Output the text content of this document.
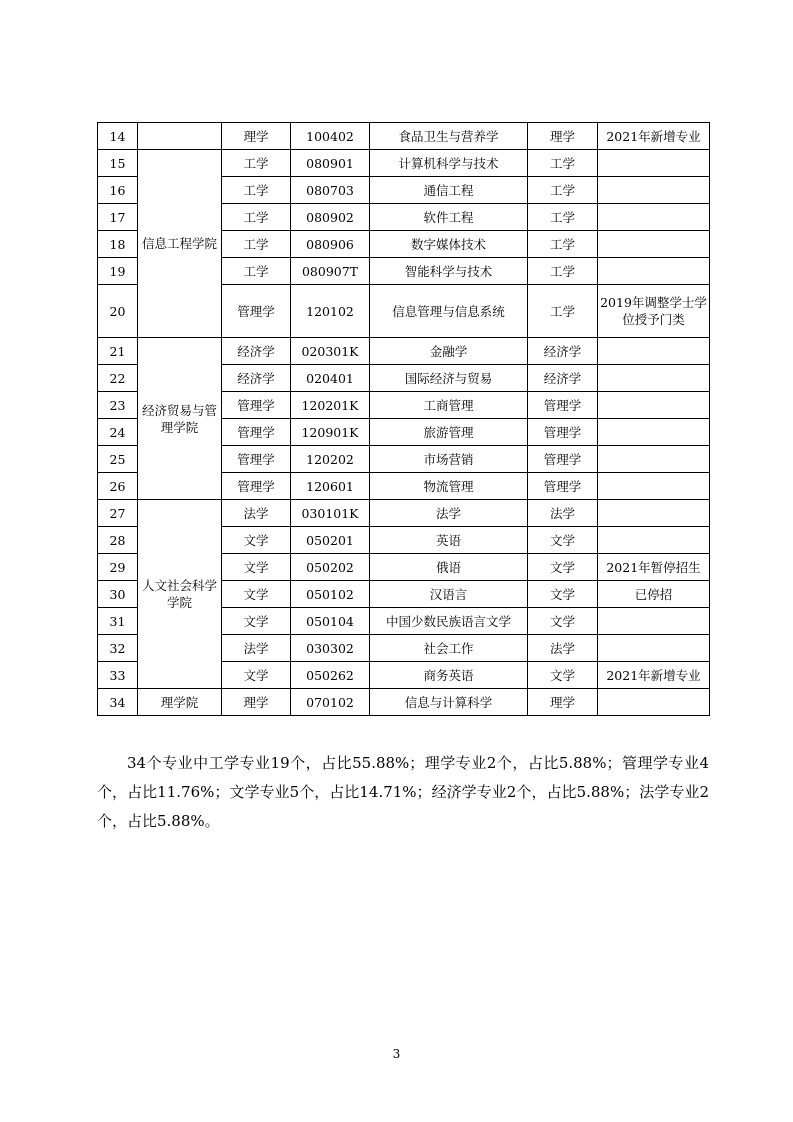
14		理学	100402	食品卫生与营养学	理学	2021年新增专业
15	信息工程学院	工学	080901	计算机科学与技术	工学	
16		工学	080703	通信工程	工学	
17		工学	080902	软件工程	工学	
18		工学	080906	数字媒体技术	工学	
19		工学	080907T	智能科学与技术	工学	
20		管理学	120102	信息管理与信息系统	工学	2019年调整学士学位授予门类
21	经济贸易与管理学院	经济学	020301K	金融学	经济学	
22		经济学	020401	国际经济与贸易	经济学	
23		管理学	120201K	工商管理	管理学	
24		管理学	120901K	旅游管理	管理学	
25		管理学	120202	市场营销	管理学	
26		管理学	120601	物流管理	管理学	
27	人文社会科学学院	法学	030101K	法学	法学	
28		文学	050201	英语	文学	
29		文学	050202	俄语	文学	2021年暂停招生
30		文学	050102	汉语言	文学	已停招
31		文学	050104	中国少数民族语言文学	文学	
32		法学	030302	社会工作	法学	
33		文学	050262	商务英语	文学	2021年新增专业
34	理学院	理学	070102	信息与计算科学	理学	

34个专业中工学专业19个，占比55.88%；理学专业2个，占比5.88%；管理学专业4个，占比11.76%；文学专业5个，占比14.71%；经济学专业2个，占比5.88%；法学专业2个，占比5.88%。

3
